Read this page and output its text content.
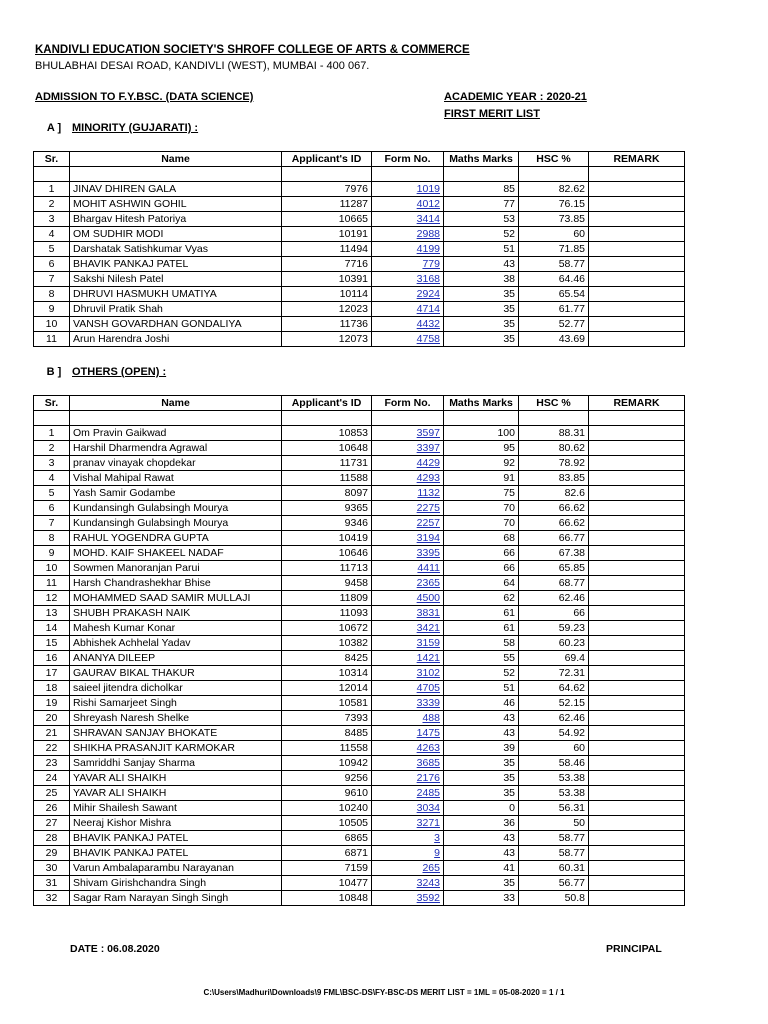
KANDIVLI EDUCATION SOCIETY'S SHROFF COLLEGE OF ARTS & COMMERCE
BHULABHAI DESAI ROAD, KANDIVLI (WEST), MUMBAI - 400 067.
ADMISSION TO F.Y.BSC. (DATA SCIENCE)	ACADEMIC YEAR : 2020-21
FIRST MERIT LIST
A ] MINORITY (GUJARATI) :
Sr.	Name	Applicant's ID	Form No.	Maths Marks	HSC %	REMARK

1	JINAV DHIREN GALA	7976	1019	85	82.62	
2	MOHIT ASHWIN GOHIL	11287	4012	77	76.15	
3	Bhargav Hitesh Patoriya	10665	3414	53	73.85	
4	OM SUDHIR MODI	10191	2988	52	60	
5	Darshatak Satishkumar Vyas	11494	4199	51	71.85	
6	BHAVIK PANKAJ PATEL	7716	779	43	58.77	
7	Sakshi Nilesh Patel	10391	3168	38	64.46	
8	DHRUVI HASMUKH UMATIYA	10114	2924	35	65.54	
9	Dhruvil Pratik Shah	12023	4714	35	61.77	
10	VANSH GOVARDHAN GONDALIYA	11736	4432	35	52.77	
11	Arun Harendra Joshi	12073	4758	35	43.69	
B ] OTHERS (OPEN) :
Sr.	Name	Applicant's ID	Form No.	Maths Marks	HSC %	REMARK

1	Om Pravin Gaikwad	10853	3597	100	88.31	
2	Harshil Dharmendra Agrawal	10648	3397	95	80.62	
3	pranav vinayak chopdekar	11731	4429	92	78.92	
4	Vishal Mahipal Rawat	11588	4293	91	83.85	
5	Yash Samir Godambe	8097	1132	75	82.6	
6	Kundansingh Gulabsingh Mourya	9365	2275	70	66.62	
7	Kundansingh Gulabsingh Mourya	9346	2257	70	66.62	
8	RAHUL YOGENDRA GUPTA	10419	3194	68	66.77	
9	MOHD. KAIF SHAKEEL NADAF	10646	3395	66	67.38	
10	Sowmen Manoranjan Parui	11713	4411	66	65.85	
11	Harsh Chandrashekhar Bhise	9458	2365	64	68.77	
12	MOHAMMED SAAD SAMIR MULLAJI	11809	4500	62	62.46	
13	SHUBH PRAKASH NAIK	11093	3831	61	66	
14	Mahesh Kumar Konar	10672	3421	61	59.23	
15	Abhishek Achhelal Yadav	10382	3159	58	60.23	
16	ANANYA DILEEP	8425	1421	55	69.4	
17	GAURAV BIKAL THAKUR	10314	3102	52	72.31	
18	saieel jitendra dicholkar	12014	4705	51	64.62	
19	Rishi Samarjeet Singh	10581	3339	46	52.15	
20	Shreyash Naresh Shelke	7393	488	43	62.46	
21	SHRAVAN SANJAY BHOKATE	8485	1475	43	54.92	
22	SHIKHA PRASANJIT KARMOKAR	11558	4263	39	60	
23	Samriddhi Sanjay Sharma	10942	3685	35	58.46	
24	YAVAR ALI SHAIKH	9256	2176	35	53.38	
25	YAVAR ALI SHAIKH	9610	2485	35	53.38	
26	Mihir Shailesh Sawant	10240	3034	0	56.31	
27	Neeraj Kishor Mishra	10505	3271	36	50	
28	BHAVIK PANKAJ PATEL	6865	3	43	58.77	
29	BHAVIK PANKAJ PATEL	6871	9	43	58.77	
30	Varun Ambalaparambu Narayanan	7159	265	41	60.31	
31	Shivam Girishchandra Singh	10477	3243	35	56.77	
32	Sagar Ram Narayan Singh Singh	10848	3592	33	50.8	
DATE : 06.08.2020	PRINCIPAL
C:\Users\Madhuri\Downloads\9 FML\BSC-DS\FY-BSC-DS MERIT LIST = 1ML = 05-08-2020 = 1 / 1
